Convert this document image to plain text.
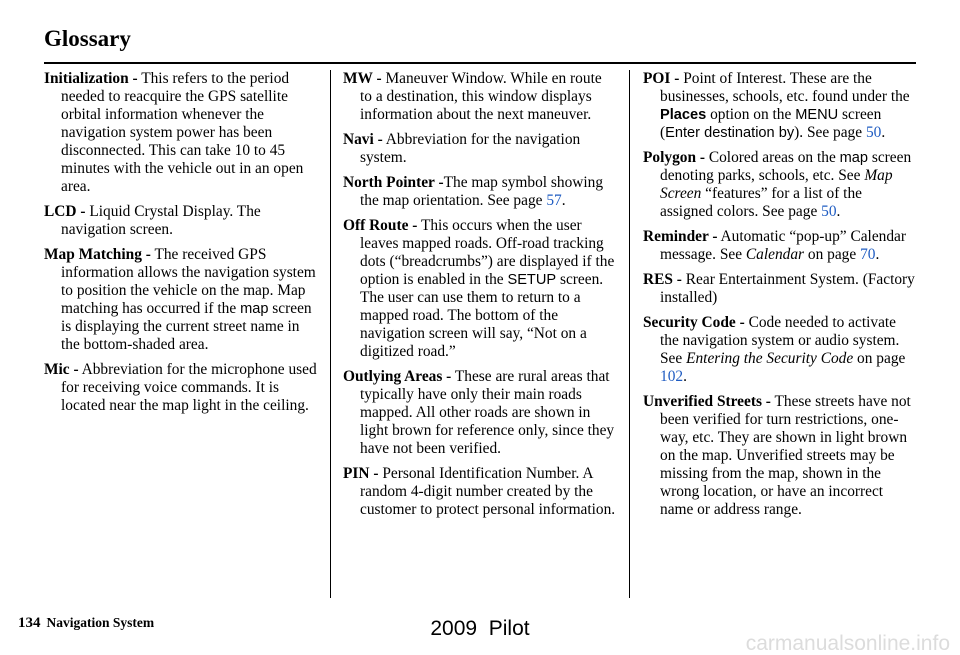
Glossary

Initialization - This refers to the period needed to reacquire the GPS satellite orbital information whenever the navigation system power has been disconnected. This can take 10 to 45 minutes with the vehicle out in an open area.

LCD - Liquid Crystal Display. The navigation screen.

Map Matching - The received GPS information allows the navigation system to position the vehicle on the map. Map matching has occurred if the map screen is displaying the current street name in the bottom-shaded area.

Mic - Abbreviation for the microphone used for receiving voice commands. It is located near the map light in the ceiling.

MW - Maneuver Window. While en route to a destination, this window displays information about the next maneuver.

Navi - Abbreviation for the navigation system.

North Pointer -The map symbol showing the map orientation. See page 57.

Off Route - This occurs when the user leaves mapped roads. Off-road tracking dots (“breadcrumbs”) are displayed if the option is enabled in the SETUP screen. The user can use them to return to a mapped road. The bottom of the navigation screen will say, “Not on a digitized road.”

Outlying Areas - These are rural areas that typically have only their main roads mapped. All other roads are shown in light brown for reference only, since they have not been verified.

PIN - Personal Identification Number. A random 4-digit number created by the customer to protect personal information.

POI - Point of Interest. These are the businesses, schools, etc. found under the Places option on the MENU screen (Enter destination by). See page 50.

Polygon - Colored areas on the map screen denoting parks, schools, etc. See Map Screen “features” for a list of the assigned colors. See page 50.

Reminder - Automatic “pop-up” Calendar message. See Calendar on page 70.

RES - Rear Entertainment System. (Factory installed)

Security Code - Code needed to activate the navigation system or audio system. See Entering the Security Code on page 102.

Unverified Streets - These streets have not been verified for turn restrictions, one-way, etc. They are shown in light brown on the map. Unverified streets may be missing from the map, shown in the wrong location, or have an incorrect name or address range.

134 Navigation System	2009  Pilot
carmanualsonline.info
